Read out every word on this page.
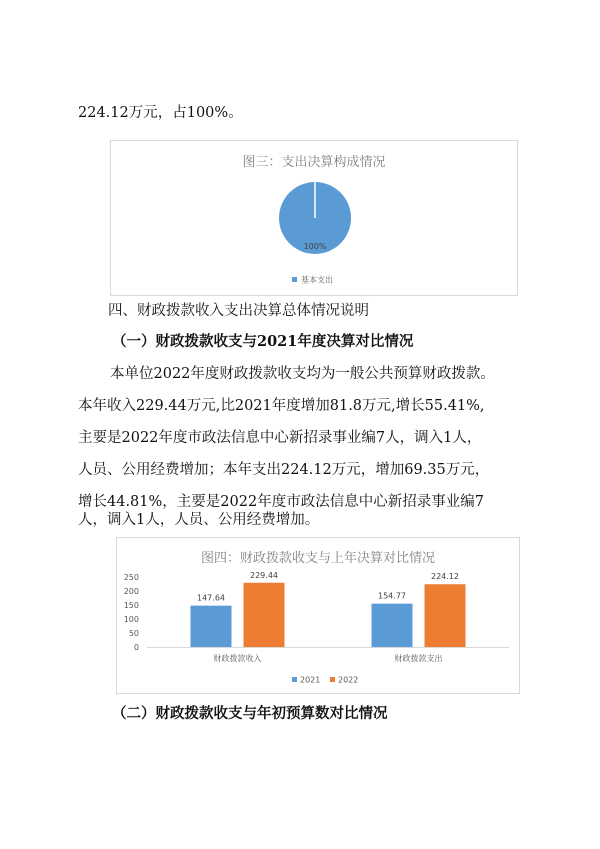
224.12万元，占100%。
图三：支出决算构成情况
100%
基本支出
四、财政拨款收入支出决算总体情况说明
（一）财政拨款收支与2021年度决算对比情况
本单位2022年度财政拨款收支均为一般公共预算财政拨款。
本年收入229.44万元,比2021年度增加81.8万元,增长55.41%,
主要是2022年度市政法信息中心新招录事业编7人，调入1人，
人员、公用经费增加；本年支出224.12万元，增加69.35万元，
增长44.81%，主要是2022年度市政法信息中心新招录事业编7
人，调入1人，人员、公用经费增加。
图四：财政拨款收支与上年决算对比情况
0
50
100
150
200
250
147.64
229.44
财政拨款收入
154.77
224.12
财政拨款支出
2021 2022
（二）财政拨款收支与年初预算数对比情况
